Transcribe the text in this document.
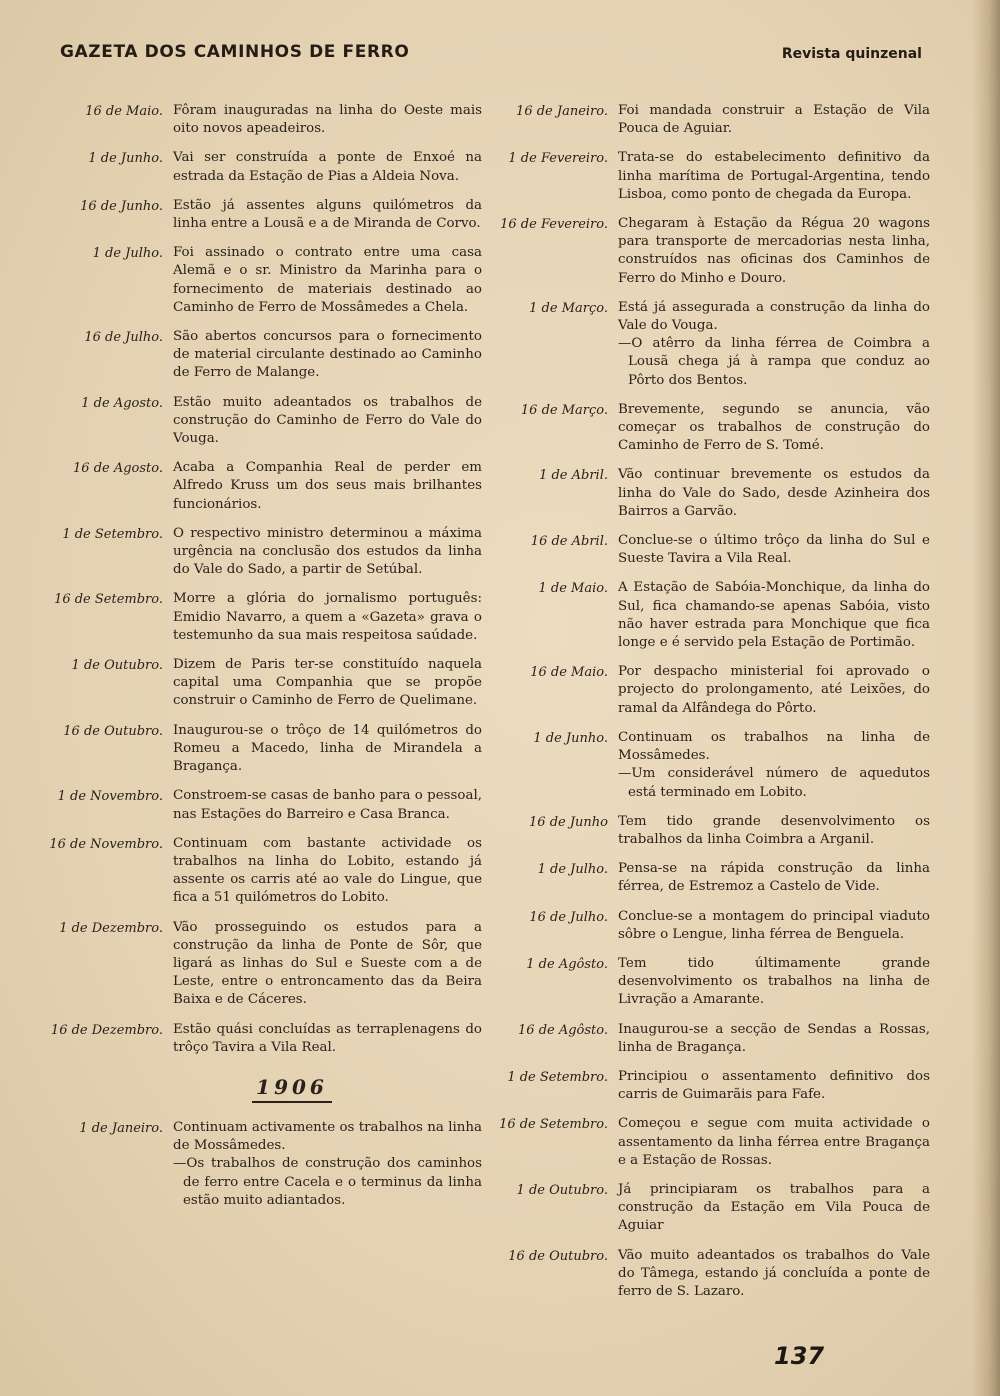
GAZETA DOS CAMINHOS DE FERRO	Revista quinzenal
16 de Maio. Fôram inauguradas na linha do Oeste mais oito novos apeadeiros.
1 de Junho. Vai ser construída a ponte de Enxoé na estrada da Estação de Pias a Aldeia Nova.
16 de Junho. Estão já assentes alguns quilómetros da linha entre a Lousã e a de Miranda de Corvo.
1 de Julho. Foi assinado o contrato entre uma casa Alemã e o sr. Ministro da Marinha para o fornecimento de materiais destinado ao Caminho de Ferro de Mossâmedes a Chela.
16 de Julho. São abertos concursos para o fornecimento de material circulante destinado ao Caminho de Ferro de Malange.
1 de Agosto. Estão muito adeantados os trabalhos de construção do Caminho de Ferro do Vale do Vouga.
16 de Agosto. Acaba a Companhia Real de perder em Alfredo Kruss um dos seus mais brilhantes funcionários.
1 de Setembro. O respectivo ministro determinou a máxima urgência na conclusão dos estudos da linha do Vale do Sado, a partir de Setúbal.
16 de Setembro. Morre a glória do jornalismo português: Emidio Navarro, a quem a «Gazeta» grava o testemunho da sua mais respeitosa saúdade.
1 de Outubro. Dizem de Paris ter-se constituído naquela capital uma Companhia que se propõe construir o Caminho de Ferro de Quelimane.
16 de Outubro. Inaugurou-se o trôço de 14 quilómetros do Romeu a Macedo, linha de Mirandela a Bragança.
1 de Novembro. Constroem-se casas de banho para o pessoal, nas Estações do Barreiro e Casa Branca.
16 de Novembro. Continuam com bastante actividade os trabalhos na linha do Lobito, estando já assente os carris até ao vale do Lingue, que fica a 51 quilómetros do Lobito.
1 de Dezembro. Vão prosseguindo os estudos para a construção da linha de Ponte de Sôr, que ligará as linhas do Sul e Sueste com a de Leste, entre o entroncamento das da Beira Baixa e de Cáceres.
16 de Dezembro. Estão quási concluídas as terraplenagens do trôço Tavira a Vila Real.
1906
1 de Janeiro. Continuam activamente os trabalhos na linha de Mossâmedes.
—Os trabalhos de construção dos caminhos de ferro entre Cacela e o terminus da linha estão muito adiantados.
16 de Janeiro. Foi mandada construir a Estação de Vila Pouca de Aguiar.
1 de Fevereiro. Trata-se do estabelecimento definitivo da linha marítima de Portugal-Argentina, tendo Lisboa, como ponto de chegada da Europa.
16 de Fevereiro. Chegaram à Estação da Régua 20 wagons para transporte de mercadorias nesta linha, construídos nas oficinas dos Caminhos de Ferro do Minho e Douro.
1 de Março. Está já assegurada a construção da linha do Vale do Vouga.
—O atêrro da linha férrea de Coimbra a Lousã chega já à rampa que conduz ao Pôrto dos Bentos.
16 de Março. Brevemente, segundo se anuncia, vão começar os trabalhos de construção do Caminho de Ferro de S. Tomé.
1 de Abril. Vão continuar brevemente os estudos da linha do Vale do Sado, desde Azinheira dos Bairros a Garvão.
16 de Abril. Conclue-se o último trôço da linha do Sul e Sueste Tavira a Vila Real.
1 de Maio. A Estação de Sabóia-Monchique, da linha do Sul, fica chamando-se apenas Sabóia, visto não haver estrada para Monchique que fica longe e é servido pela Estação de Portimão.
16 de Maio. Por despacho ministerial foi aprovado o projecto do prolongamento, até Leixões, do ramal da Alfândega do Pôrto.
1 de Junho. Continuam os trabalhos na linha de Mossâmedes.
—Um considerável número de aquedutos está terminado em Lobito.
16 de Junho Tem tido grande desenvolvimento os trabalhos da linha Coimbra a Arganil.
1 de Julho. Pensa-se na rápida construção da linha férrea, de Estremoz a Castelo de Vide.
16 de Julho. Conclue-se a montagem do principal viaduto sôbre o Lengue, linha férrea de Benguela.
1 de Agôsto. Tem tido últimamente grande desenvolvimento os trabalhos na linha de Livração a Amarante.
16 de Agôsto. Inaugurou-se a secção de Sendas a Rossas, linha de Bragança.
1 de Setembro. Principiou o assentamento definitivo dos carris de Guimarãis para Fafe.
16 de Setembro. Começou e segue com muita actividade o assentamento da linha férrea entre Bragança e a Estação de Rossas.
1 de Outubro. Já principiaram os trabalhos para a construção da Estação em Vila Pouca de Aguiar
16 de Outubro. Vão muito adeantados os trabalhos do Vale do Tâmega, estando já concluída a ponte de ferro de S. Lazaro.
137
